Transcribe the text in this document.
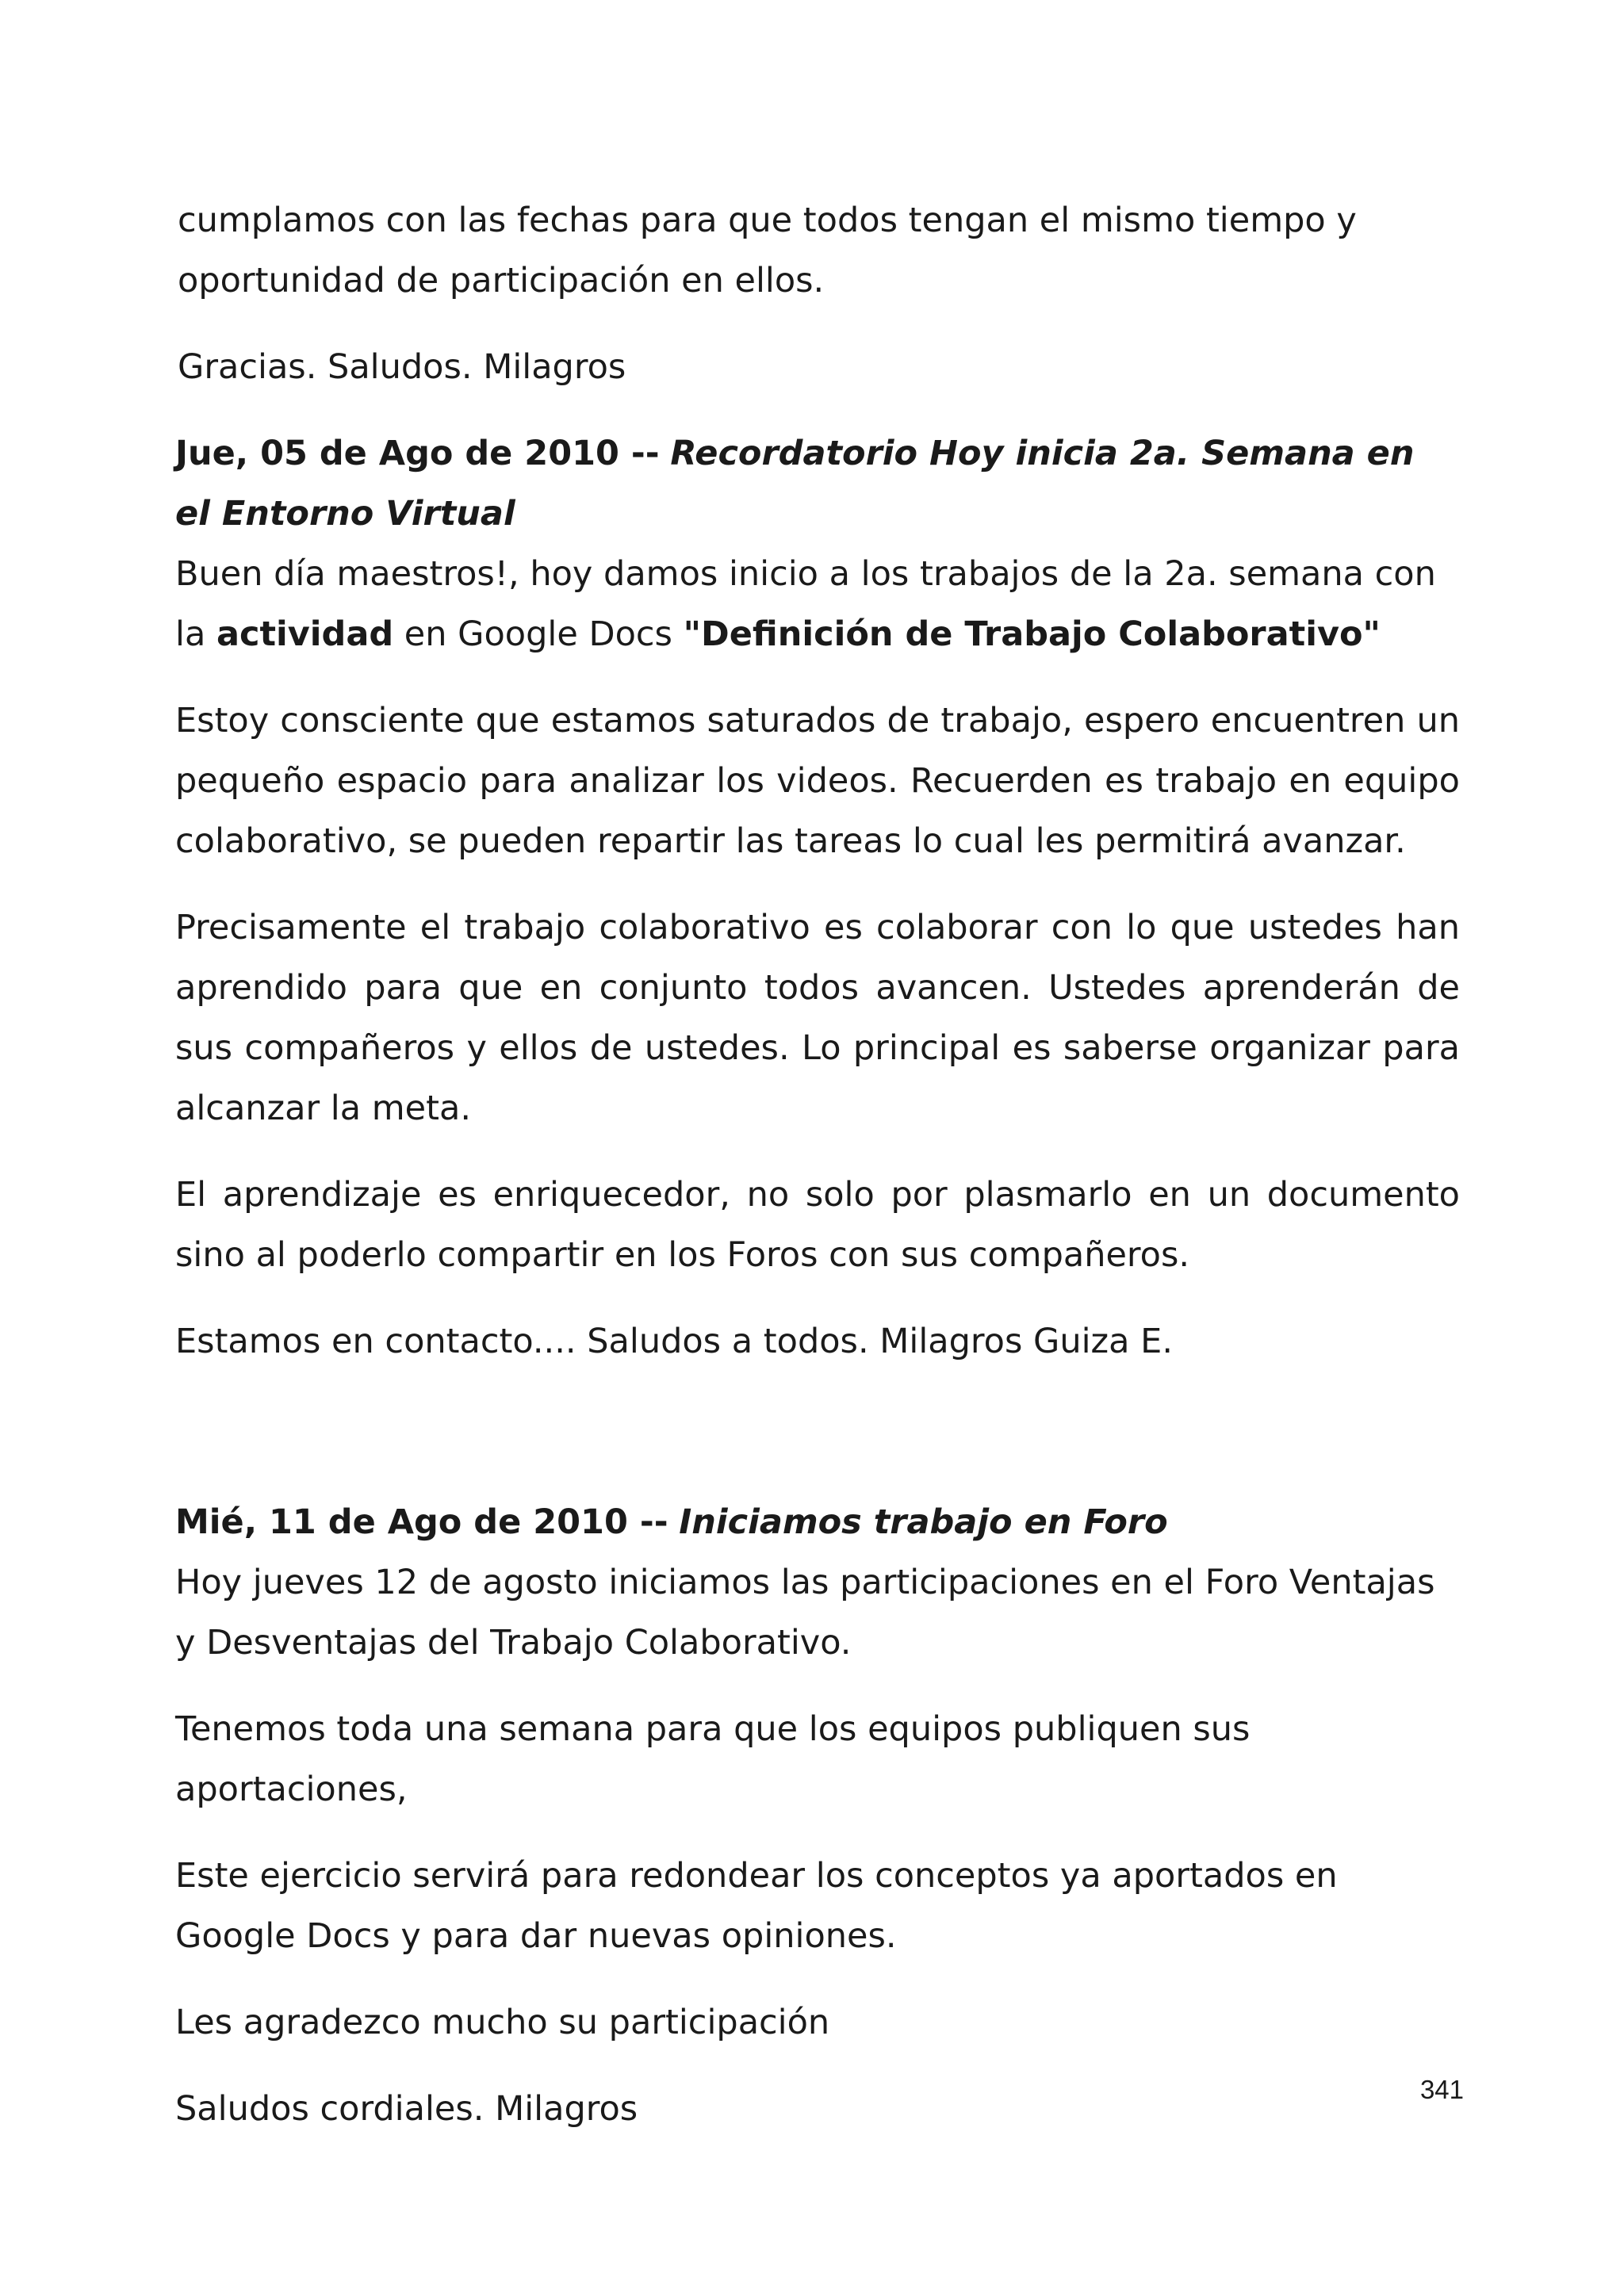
cumplamos con las fechas para que todos tengan el mismo tiempo y oportunidad de participación en ellos.

Gracias. Saludos. Milagros

Jue, 05 de Ago de 2010 -- Recordatorio Hoy inicia 2a. Semana en el Entorno Virtual

Buen día maestros!, hoy damos inicio a los trabajos de la 2a. semana con la actividad en Google Docs "Definición de Trabajo Colaborativo"

Estoy consciente que estamos saturados de trabajo, espero encuentren un pequeño espacio para analizar los videos. Recuerden es trabajo en equipo colaborativo, se pueden repartir las tareas lo cual les permitirá avanzar.

Precisamente el trabajo colaborativo es colaborar con lo que ustedes han aprendido para que en conjunto todos avancen. Ustedes aprenderán de sus compañeros y ellos de ustedes. Lo principal es saberse organizar para alcanzar la meta.

El aprendizaje es enriquecedor, no solo por plasmarlo en un documento sino al poderlo compartir en los Foros con sus compañeros.

Estamos en contacto.... Saludos a todos. Milagros Guiza E.

Mié, 11 de Ago de 2010 -- Iniciamos trabajo en Foro

Hoy jueves 12 de agosto iniciamos las participaciones en el Foro Ventajas y Desventajas del Trabajo Colaborativo.

Tenemos toda una semana para que los equipos publiquen sus aportaciones,

Este ejercicio servirá para redondear los conceptos ya aportados en Google Docs y para dar nuevas opiniones.

Les agradezco mucho su participación

Saludos cordiales. Milagros	341
